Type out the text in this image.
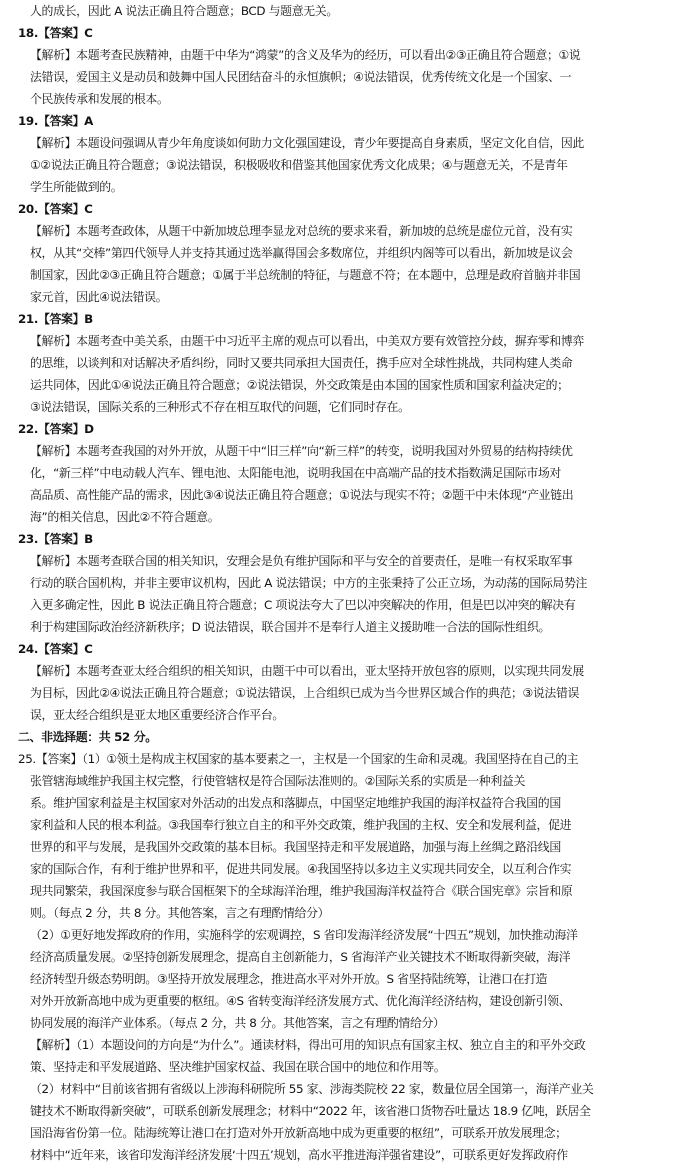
人的成长，因此 A 说法正确且符合题意；BCD 与题意无关。
18.【答案】C
【解析】本题考查民族精神，由题干中华为“鸿蒙”的含义及华为的经历，可以看出②③正确且符合题意；①说
法错误，爱国主义是动员和鼓舞中国人民团结奋斗的永恒旗帜；④说法错误，优秀传统文化是一个国家、一
个民族传承和发展的根本。
19.【答案】A
【解析】本题设问强调从青少年角度谈如何助力文化强国建设，青少年要提高自身素质，坚定文化自信，因此
①②说法正确且符合题意；③说法错误，积极吸收和借鉴其他国家优秀文化成果；④与题意无关，不是青年
学生所能做到的。
20.【答案】C
【解析】本题考查政体，从题干中新加坡总理李显龙对总统的要求来看，新加坡的总统是虚位元首，没有实
权，从其“交棒”第四代领导人并支持其通过选举赢得国会多数席位，并组织内阁等可以看出，新加坡是议会
制国家，因此②③正确且符合题意；①属于半总统制的特征，与题意不符；在本题中，总理是政府首脑并非国
家元首，因此④说法错误。
21.【答案】B
【解析】本题考查中美关系，由题干中习近平主席的观点可以看出，中美双方要有效管控分歧，摒弃零和博弈
的思维，以谈判和对话解决矛盾纠纷，同时又要共同承担大国责任，携手应对全球性挑战，共同构建人类命
运共同体，因此①④说法正确且符合题意；②说法错误，外交政策是由本国的国家性质和国家利益决定的；
③说法错误，国际关系的三种形式不存在相互取代的问题，它们同时存在。
22.【答案】D
【解析】本题考查我国的对外开放，从题干中“旧三样”向“新三样”的转变，说明我国对外贸易的结构持续优
化，“新三样”中电动载人汽车、锂电池、太阳能电池，说明我国在中高端产品的技术指数满足国际市场对
高品质、高性能产品的需求，因此③④说法正确且符合题意；①说法与现实不符；②题干中未体现“产业链出
海”的相关信息，因此②不符合题意。
23.【答案】B
【解析】本题考查联合国的相关知识，安理会是负有维护国际和平与安全的首要责任，是唯一有权采取军事
行动的联合国机构，并非主要审议机构，因此 A 说法错误；中方的主张秉持了公正立场，为动荡的国际局势注
入更多确定性，因此 B 说法正确且符合题意；C 项说法夸大了巴以冲突解决的作用，但是巴以冲突的解决有
利于构建国际政治经济新秩序；D 说法错误，联合国并不是奉行人道主义援助唯一合法的国际性组织。
24.【答案】C
【解析】本题考查亚太经合组织的相关知识，由题干中可以看出，亚太坚持开放包容的原则，以实现共同发展
为目标，因此②④说法正确且符合题意；①说法错误，上合组织已成为当今世界区域合作的典范；③说法错误
误，亚太经合组织是亚太地区重要经济合作平台。
二、非选择题：共 52 分。
25.【答案】（1）①领土是构成主权国家的基本要素之一，主权是一个国家的生命和灵魂。我国坚持在自己的主
张管辖海域维护我国主权完整，行使管辖权是符合国际法准则的。②国际关系的实质是一种利益关
系。维护国家利益是主权国家对外活动的出发点和落脚点，中国坚定地维护我国的海洋权益符合我国的国
家利益和人民的根本利益。③我国奉行独立自主的和平外交政策，维护我国的主权、安全和发展利益，促进
世界的和平与发展，是我国外交政策的基本目标。我国坚持走和平发展道路，加强与海上丝绸之路沿线国
家的国际合作，有利于维护世界和平，促进共同发展。④我国坚持以多边主义实现共同安全，以互利合作实
现共同繁荣，我国深度参与联合国框架下的全球海洋治理，维护我国海洋权益符合《联合国宪章》宗旨和原
则。（每点 2 分，共 8 分。其他答案，言之有理酌情给分）
（2）①更好地发挥政府的作用，实施科学的宏观调控，S 省印发海洋经济发展“十四五”规划，加快推动海洋
经济高质量发展。②坚持创新发展理念，提高自主创新能力，S 省海洋产业关键技术不断取得新突破，海洋
经济转型升级态势明朗。③坚持开放发展理念，推进高水平对外开放。S 省坚持陆统筹，让港口在打造
对外开放新高地中成为更重要的枢纽。④S 省转变海洋经济发展方式、优化海洋经济结构，建设创新引领、
协同发展的海洋产业体系。（每点 2 分，共 8 分。其他答案，言之有理酌情给分）
【解析】（1）本题设问的方向是“为什么”。通读材料，得出可用的知识点有国家主权、独立自主的和平外交政
策、坚持走和平发展道路、坚决维护国家权益、我国在联合国中的地位和作用等。
（2）材料中“目前该省拥有省级以上涉海科研院所 55 家、涉海类院校 22 家，数量位居全国第一，海洋产业关
键技术不断取得新突破”，可联系创新发展理念；材料中“2022 年，该省港口货物吞吐量达 18.9 亿吨，跃居全
国沿海省份第一位。陆海统筹让港口在打造对外开放新高地中成为更重要的枢纽”，可联系开放发展理念；
材料中“近年来，该省印发海洋经济发展‘十四五’规划，高水平推进海洋强省建设”，可联系更好发挥政府作
